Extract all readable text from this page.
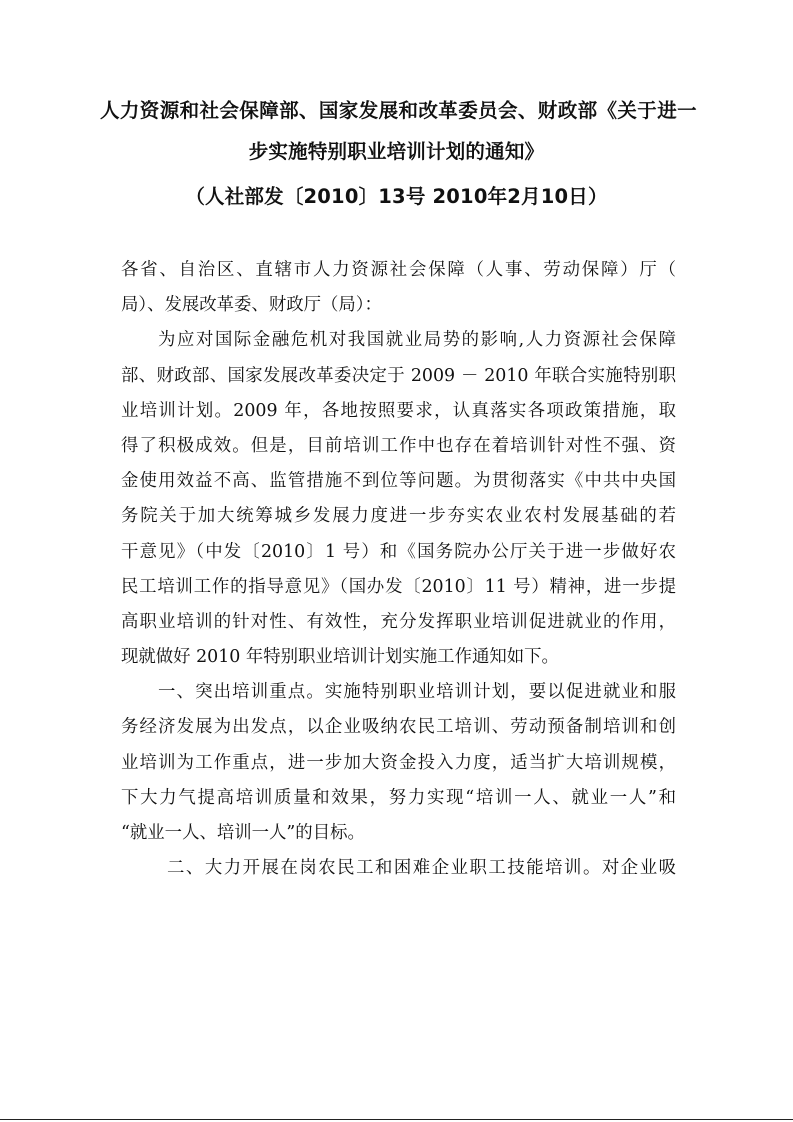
人力资源和社会保障部、国家发展和改革委员会、财政部《关于进一
步实施特别职业培训计划的通知》
（人社部发〔2010〕13号 2010年2月10日）
各省、自治区、直辖市人力资源社会保障（人事、劳动保障）厅（
局）、发展改革委、财政厅（局）：
为应对国际金融危机对我国就业局势的影响,人力资源社会保障
部、财政部、国家发展改革委决定于 2009 － 2010 年联合实施特别职
业培训计划。2009 年，各地按照要求，认真落实各项政策措施，取
得了积极成效。但是，目前培训工作中也存在着培训针对性不强、资
金使用效益不高、监管措施不到位等问题。为贯彻落实《中共中央国
务院关于加大统筹城乡发展力度进一步夯实农业农村发展基础的若
干意见》（中发〔2010〕1 号）和《国务院办公厅关于进一步做好农
民工培训工作的指导意见》（国办发〔2010〕11 号）精神，进一步提
高职业培训的针对性、有效性，充分发挥职业培训促进就业的作用，
现就做好 2010 年特别职业培训计划实施工作通知如下。
一、突出培训重点。实施特别职业培训计划，要以促进就业和服
务经济发展为出发点，以企业吸纳农民工培训、劳动预备制培训和创
业培训为工作重点，进一步加大资金投入力度，适当扩大培训规模，
下大力气提高培训质量和效果，努力实现“培训一人、就业一人”和
“就业一人、培训一人”的目标。
二、大力开展在岗农民工和困难企业职工技能培训。对企业吸
